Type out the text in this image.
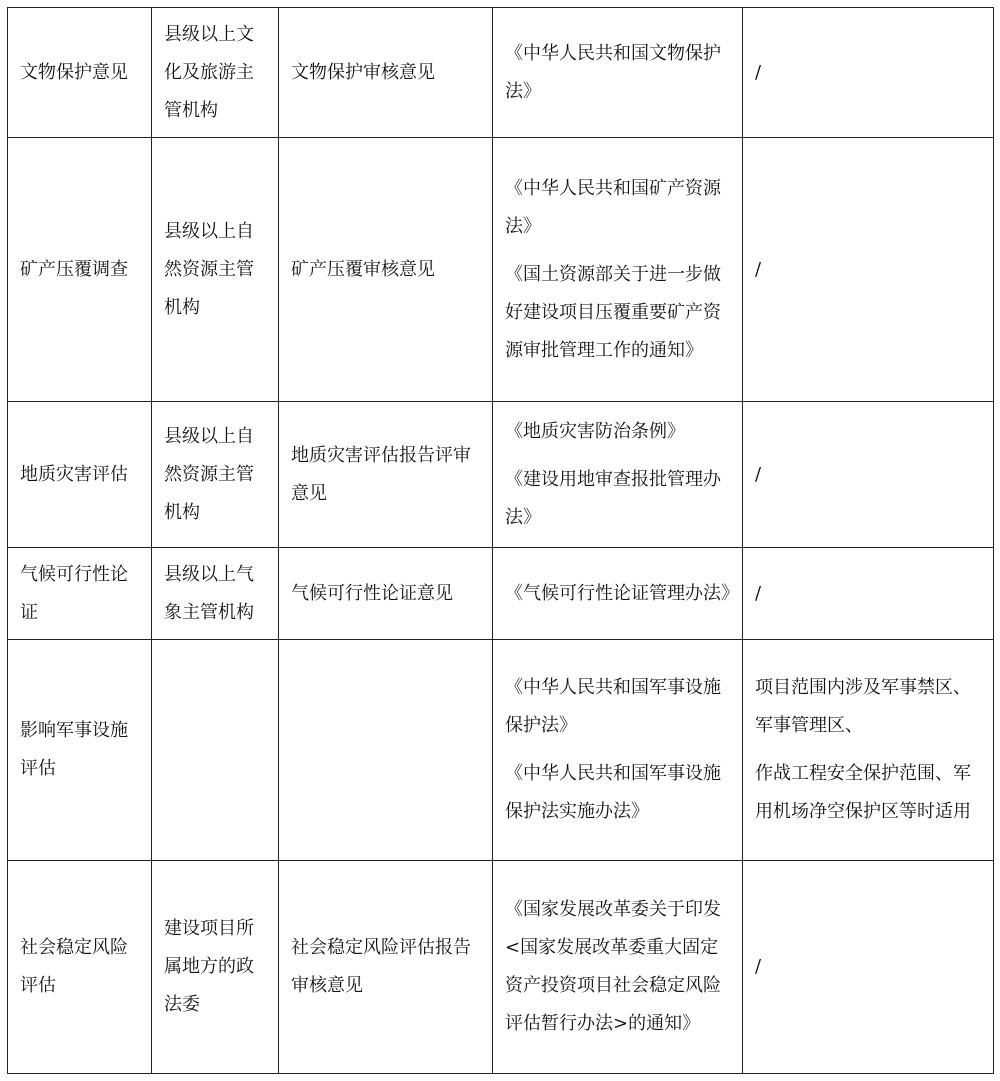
文物保护意见	县级以上文化及旅游主管机构	文物保护审核意见	《中华人民共和国文物保护法》	/

矿产压覆调查	县级以上自然资源主管机构	矿产压覆审核意见	《中华人民共和国矿产资源法》
《国土资源部关于进一步做好建设项目压覆重要矿产资源审批管理工作的通知》	/

地质灾害评估	县级以上自然资源主管机构	地质灾害评估报告评审意见	《地质灾害防治条例》
《建设用地审查报批管理办法》	/

气候可行性论证	县级以上气象主管机构	气候可行性论证意见	《气候可行性论证管理办法》	/

影响军事设施评估			《中华人民共和国军事设施保护法》
《中华人民共和国军事设施保护法实施办法》	项目范围内涉及军事禁区、军事管理区、
作战工程安全保护范围、军用机场净空保护区等时适用

社会稳定风险评估	建设项目所属地方的政法委	社会稳定风险评估报告审核意见	《国家发展改革委关于印发<国家发展改革委重大固定资产投资项目社会稳定风险评估暂行办法>的通知》	/
